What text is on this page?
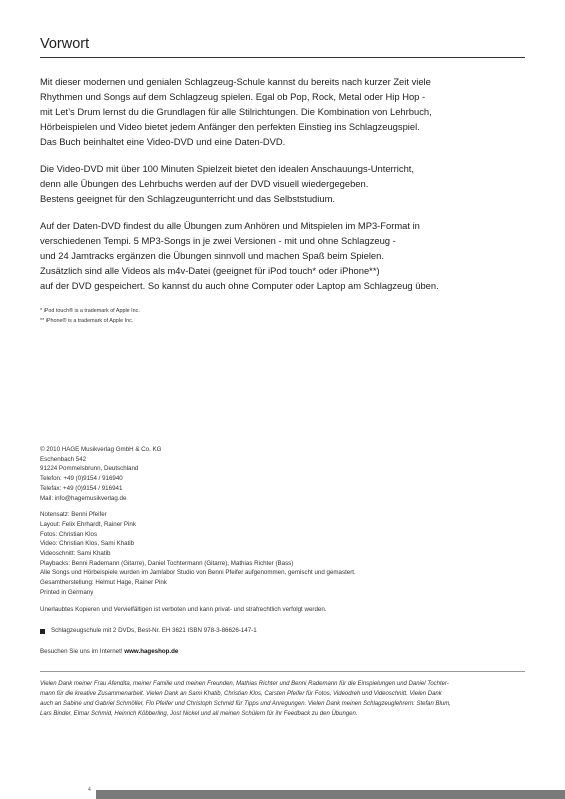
Vorwort

Mit dieser modernen und genialen Schlagzeug-Schule kannst du bereits nach kurzer Zeit viele
Rhythmen und Songs auf dem Schlagzeug spielen. Egal ob Pop, Rock, Metal oder Hip Hop -
mit Let’s Drum lernst du die Grundlagen für alle Stilrichtungen. Die Kombination von Lehrbuch,
Hörbeispielen und Video bietet jedem Anfänger den perfekten Einstieg ins Schlagzeugspiel.
Das Buch beinhaltet eine Video-DVD und eine Daten-DVD.

Die Video-DVD mit über 100 Minuten Spielzeit bietet den idealen Anschauungs-Unterricht,
denn alle Übungen des Lehrbuchs werden auf der DVD visuell wiedergegeben.
Bestens geeignet für den Schlagzeugunterricht und das Selbststudium.

Auf der Daten-DVD findest du alle Übungen zum Anhören und Mitspielen im MP3-Format in
verschiedenen Tempi. 5 MP3-Songs in je zwei Versionen - mit und ohne Schlagzeug -
und 24 Jamtracks ergänzen die Übungen sinnvoll und machen Spaß beim Spielen.
Zusätzlich sind alle Videos als m4v-Datei (geeignet für iPod touch* oder iPhone**)
auf der DVD gespeichert. So kannst du auch ohne Computer oder Laptop am Schlagzeug üben.

* iPod touch® is a trademark of Apple Inc.
** iPhone® is a trademark of Apple Inc.
© 2010 HAGE Musikverlag GmbH & Co. KG
Eschenbach 542
91224 Pommelsbrunn, Deutschland
Telefon: +49 (0)9154 / 916940
Telefax: +49 (0)9154 / 916941
Mail: info@hagemusikverlag.de
Notensatz: Benni Pfeifer
Layout: Felix Ehrhardt, Rainer Pink
Fotos: Christian Klos
Video: Christian Klos, Sami Khatib
Videoschnitt: Sami Khatib
Playbacks: Benni Rademann (Gitarre), Daniel Tochtermann (Gitarre), Mathias Richter (Bass)
Alle Songs und Hörbeispiele wurden im Jamlabor Studio von Benni Pfeifer aufgenommen, gemischt und gemastert.
Gesamtherstellung: Helmut Hage, Rainer Pink
Printed in Germany
Unerlaubtes Kopieren und Vervielfältigen ist verboten und kann privat- und strafrechtlich verfolgt werden.
Schlagzeugschule mit 2 DVDs, Best-Nr. EH 3621 ISBN 978-3-86626-147-1
Besuchen Sie uns im Internet! www.hageshop.de
Vielen Dank meiner Frau Afendita, meiner Familie und meinen Freunden, Mathias Richter und Benni Rademann für die Einspielungen und Daniel Tochter-
mann für die kreative Zusammenarbeit. Vielen Dank an Sami Khatib, Christian Klos, Carsten Pfeifer für Fotos, Videodreh und Videoschnitt. Vielen Dank
auch an Sabine und Gabriel Schmöller, Flo Pfeifer und Christoph Schmid für Tipps und Anregungen. Vielen Dank meinen Schlagzeuglehrern: Stefan Blum,
Lars Binder, Elmar Schmid, Heinrich Köbberling, Jost Nickel und all meinen Schülern für ihr Feedback zu den Übungen.
4
